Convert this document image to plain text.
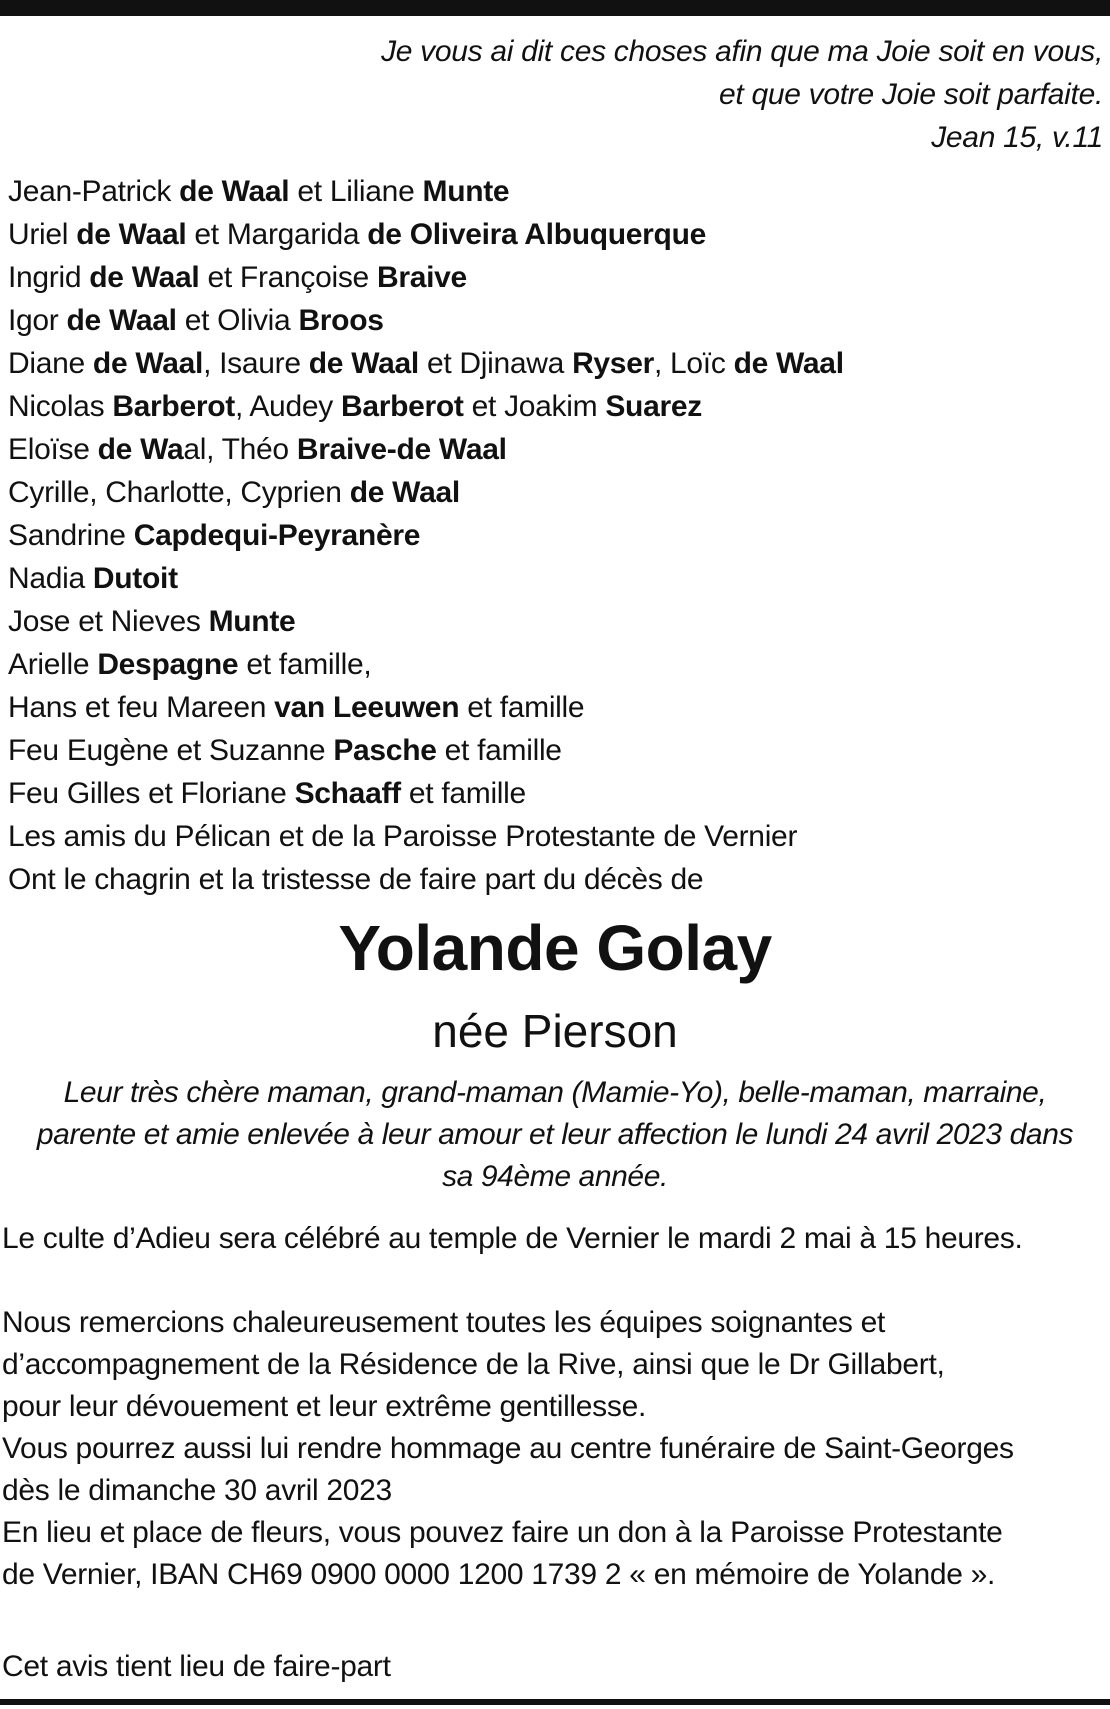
Je vous ai dit ces choses afin que ma Joie soit en vous,
et que votre Joie soit parfaite.
Jean 15, v.11
Jean-Patrick de Waal et Liliane Munte
Uriel de Waal et Margarida de Oliveira Albuquerque
Ingrid de Waal et Françoise Braive
Igor de Waal et Olivia Broos
Diane de Waal, Isaure de Waal et Djinawa Ryser, Loïc de Waal
Nicolas Barberot, Audey Barberot et Joakim Suarez
Eloïse de Waal, Théo Braive-de Waal
Cyrille, Charlotte, Cyprien de Waal
Sandrine Capdequi-Peyranère
Nadia Dutoit
Jose et Nieves Munte
Arielle Despagne et famille,
Hans et feu Mareen van Leeuwen et famille
Feu Eugène et Suzanne Pasche et famille
Feu Gilles et Floriane Schaaff et famille
Les amis du Pélican et de la Paroisse Protestante de Vernier
Ont le chagrin et la tristesse de faire part du décès de
Yolande Golay
née Pierson
Leur très chère maman, grand-maman (Mamie-Yo), belle-maman, marraine,
parente et amie enlevée à leur amour et leur affection le lundi 24 avril 2023 dans
sa 94ème année.
Le culte d’Adieu sera célébré au temple de Vernier le mardi 2 mai à 15 heures.
Nous remercions chaleureusement toutes les équipes soignantes et
d’accompagnement de la Résidence de la Rive, ainsi que le Dr Gillabert,
pour leur dévouement et leur extrême gentillesse.
Vous pourrez aussi lui rendre hommage au centre funéraire de Saint-Georges
dès le dimanche 30 avril 2023
En lieu et place de fleurs, vous pouvez faire un don à la Paroisse Protestante
de Vernier, IBAN CH69 0900 0000 1200 1739 2 « en mémoire de Yolande ».
Cet avis tient lieu de faire-part
